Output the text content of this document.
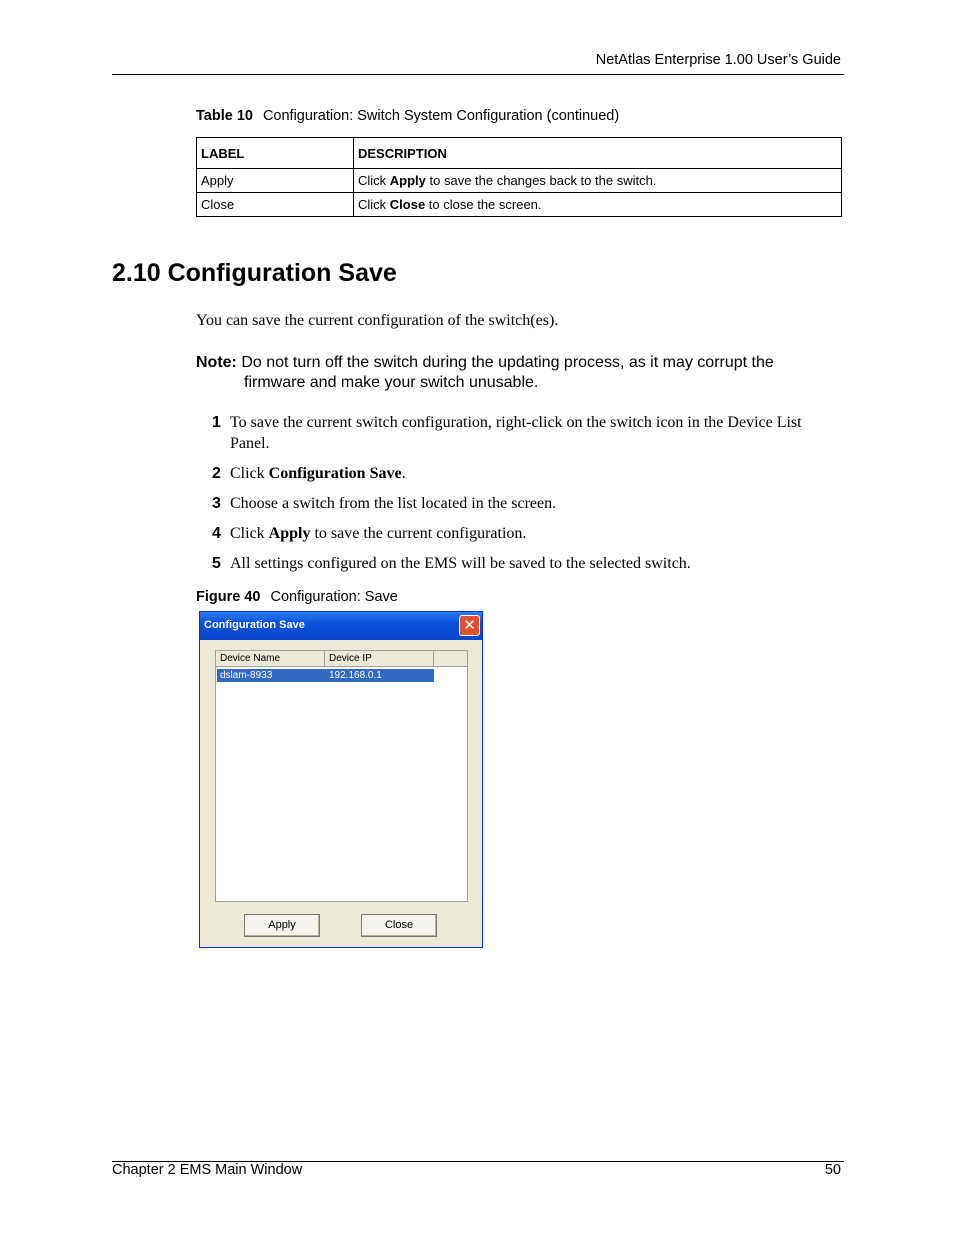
NetAtlas Enterprise 1.00 User’s Guide
Table 10 Configuration: Switch System Configuration (continued)
LABEL	DESCRIPTION
Apply	Click Apply to save the changes back to the switch.
Close	Click Close to close the screen.
2.10 Configuration Save
You can save the current configuration of the switch(es).
Note: Do not turn off the switch during the updating process, as it may corrupt the
firmware and make your switch unusable.
1 To save the current switch configuration, right-click on the switch icon in the Device List Panel.
2 Click Configuration Save.
3 Choose a switch from the list located in the screen.
4 Click Apply to save the current configuration.
5 All settings configured on the EMS will be saved to the selected switch.
Figure 40 Configuration: Save
Configuration Save	✕
Device Name	Device IP
dslam-8933	192.168.0.1
Apply	Close
Chapter 2 EMS Main Window	50
